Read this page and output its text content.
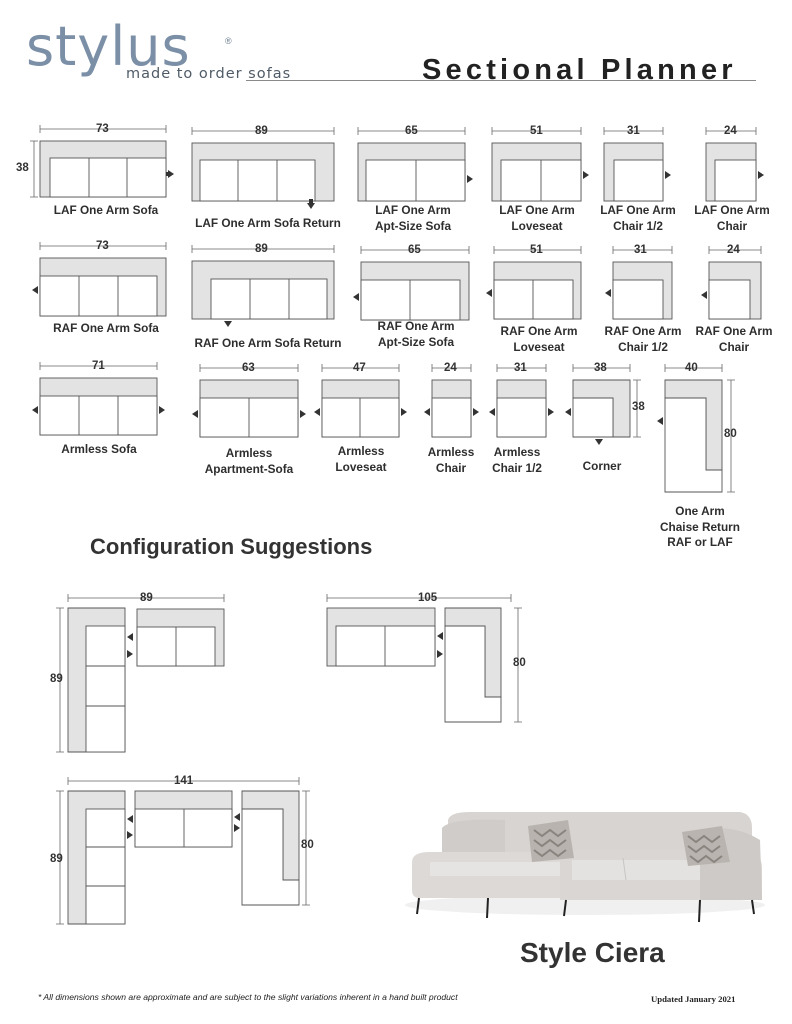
stylus	®
made to order sofas	Sectional Planner
73
38
89	65	51	31	24
LAF One Arm Sofa
LAF One Arm Sofa Return
LAF One Arm
Apt-Size Sofa
LAF One Arm
Loveseat
LAF One Arm
Chair 1/2
LAF One Arm
Chair
73	89	65	51	31	24
RAF One Arm Sofa
RAF One Arm Sofa Return
RAF One Arm
Apt-Size Sofa
RAF One Arm
Loveseat
RAF One Arm
Chair 1/2
RAF One Arm
Chair
71	63	47	24	31	38
38
40
80
Armless Sofa	Armless
Apartment-Sofa
Armless
Loveseat
Armless
Chair
Armless
Chair 1/2	Corner
One Arm
Chaise Return
RAF or LAF
Configuration Suggestions
89
89
105
80
141
89
80
Style Ciera
* All dimensions shown are approximate and are subject to the slight variations inherent in a hand built product	Updated January 2021
